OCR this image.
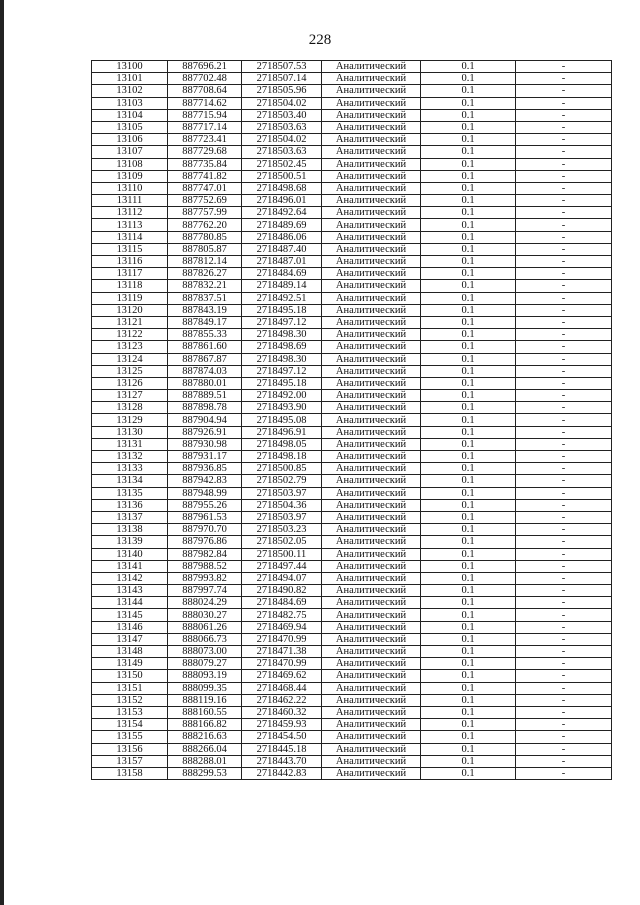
228
13100	887696.21	2718507.53	Аналитический	0.1	-
13101	887702.48	2718507.14	Аналитический	0.1	-
13102	887708.64	2718505.96	Аналитический	0.1	-
13103	887714.62	2718504.02	Аналитический	0.1	-
13104	887715.94	2718503.40	Аналитический	0.1	-
13105	887717.14	2718503.63	Аналитический	0.1	-
13106	887723.41	2718504.02	Аналитический	0.1	-
13107	887729.68	2718503.63	Аналитический	0.1	-
13108	887735.84	2718502.45	Аналитический	0.1	-
13109	887741.82	2718500.51	Аналитический	0.1	-
13110	887747.01	2718498.68	Аналитический	0.1	-
13111	887752.69	2718496.01	Аналитический	0.1	-
13112	887757.99	2718492.64	Аналитический	0.1	-
13113	887762.20	2718489.69	Аналитический	0.1	-
13114	887780.85	2718486.06	Аналитический	0.1	-
13115	887805.87	2718487.40	Аналитический	0.1	-
13116	887812.14	2718487.01	Аналитический	0.1	-
13117	887826.27	2718484.69	Аналитический	0.1	-
13118	887832.21	2718489.14	Аналитический	0.1	-
13119	887837.51	2718492.51	Аналитический	0.1	-
13120	887843.19	2718495.18	Аналитический	0.1	-
13121	887849.17	2718497.12	Аналитический	0.1	-
13122	887855.33	2718498.30	Аналитический	0.1	-
13123	887861.60	2718498.69	Аналитический	0.1	-
13124	887867.87	2718498.30	Аналитический	0.1	-
13125	887874.03	2718497.12	Аналитический	0.1	-
13126	887880.01	2718495.18	Аналитический	0.1	-
13127	887889.51	2718492.00	Аналитический	0.1	-
13128	887898.78	2718493.90	Аналитический	0.1	-
13129	887904.94	2718495.08	Аналитический	0.1	-
13130	887926.91	2718496.91	Аналитический	0.1	-
13131	887930.98	2718498.05	Аналитический	0.1	-
13132	887931.17	2718498.18	Аналитический	0.1	-
13133	887936.85	2718500.85	Аналитический	0.1	-
13134	887942.83	2718502.79	Аналитический	0.1	-
13135	887948.99	2718503.97	Аналитический	0.1	-
13136	887955.26	2718504.36	Аналитический	0.1	-
13137	887961.53	2718503.97	Аналитический	0.1	-
13138	887970.70	2718503.23	Аналитический	0.1	-
13139	887976.86	2718502.05	Аналитический	0.1	-
13140	887982.84	2718500.11	Аналитический	0.1	-
13141	887988.52	2718497.44	Аналитический	0.1	-
13142	887993.82	2718494.07	Аналитический	0.1	-
13143	887997.74	2718490.82	Аналитический	0.1	-
13144	888024.29	2718484.69	Аналитический	0.1	-
13145	888030.27	2718482.75	Аналитический	0.1	-
13146	888061.26	2718469.94	Аналитический	0.1	-
13147	888066.73	2718470.99	Аналитический	0.1	-
13148	888073.00	2718471.38	Аналитический	0.1	-
13149	888079.27	2718470.99	Аналитический	0.1	-
13150	888093.19	2718469.62	Аналитический	0.1	-
13151	888099.35	2718468.44	Аналитический	0.1	-
13152	888119.16	2718462.22	Аналитический	0.1	-
13153	888160.55	2718460.32	Аналитический	0.1	-
13154	888166.82	2718459.93	Аналитический	0.1	-
13155	888216.63	2718454.50	Аналитический	0.1	-
13156	888266.04	2718445.18	Аналитический	0.1	-
13157	888288.01	2718443.70	Аналитический	0.1	-
13158	888299.53	2718442.83	Аналитический	0.1	-
